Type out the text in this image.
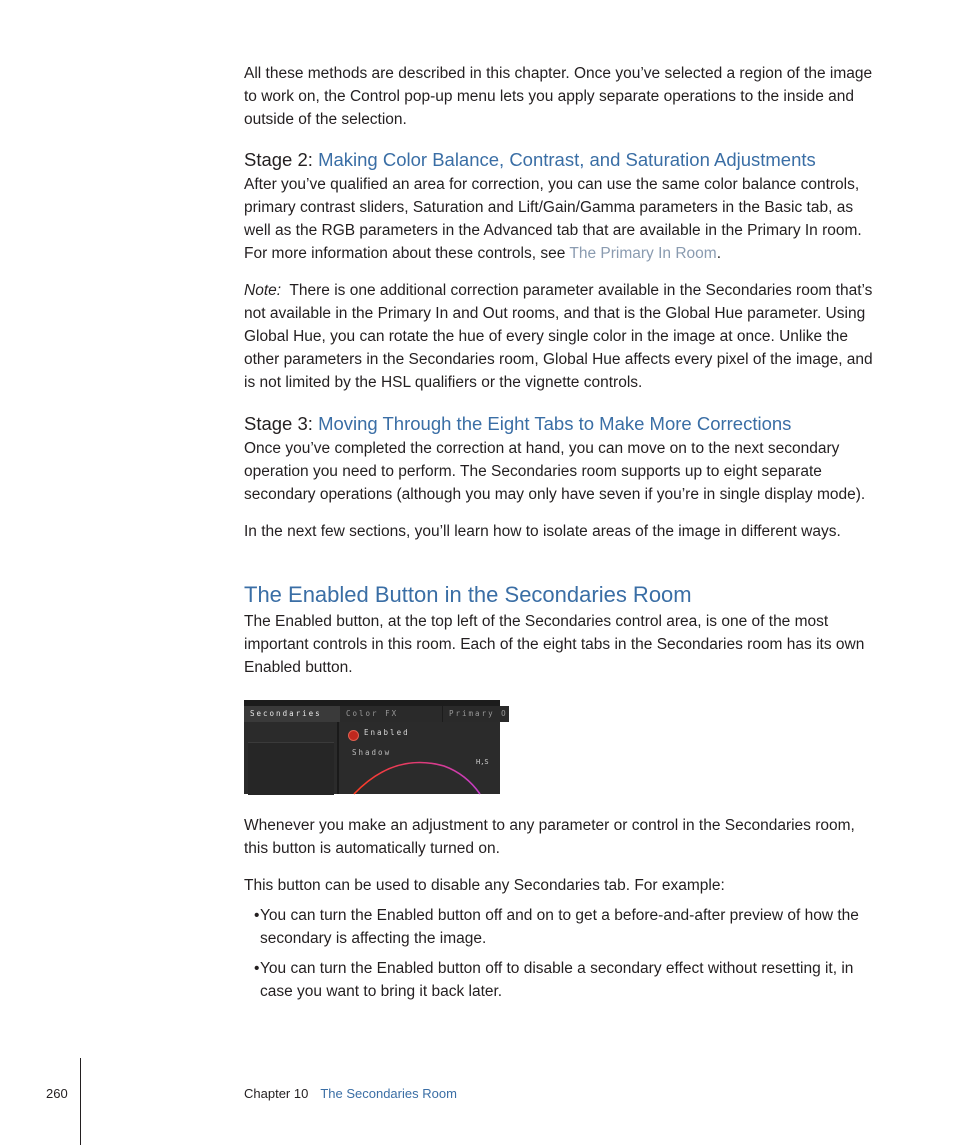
All these methods are described in this chapter. Once you’ve selected a region of the image to work on, the Control pop-up menu lets you apply separate operations to the inside and outside of the selection.

Stage 2: Making Color Balance, Contrast, and Saturation Adjustments

After you’ve qualified an area for correction, you can use the same color balance controls, primary contrast sliders, Saturation and Lift/Gain/Gamma parameters in the Basic tab, as well as the RGB parameters in the Advanced tab that are available in the Primary In room. For more information about these controls, see The Primary In Room.

Note: There is one additional correction parameter available in the Secondaries room that’s not available in the Primary In and Out rooms, and that is the Global Hue parameter. Using Global Hue, you can rotate the hue of every single color in the image at once. Unlike the other parameters in the Secondaries room, Global Hue affects every pixel of the image, and is not limited by the HSL qualifiers or the vignette controls.

Stage 3: Moving Through the Eight Tabs to Make More Corrections

Once you’ve completed the correction at hand, you can move on to the next secondary operation you need to perform. The Secondaries room supports up to eight separate secondary operations (although you may only have seven if you’re in single display mode).

In the next few sections, you’ll learn how to isolate areas of the image in different ways.

The Enabled Button in the Secondaries Room

The Enabled button, at the top left of the Secondaries control area, is one of the most important controls in this room. Each of the eight tabs in the Secondaries room has its own Enabled button.

Secondaries	Color FX	Primary O
Enabled
Shadow
H,S

Whenever you make an adjustment to any parameter or control in the Secondaries room, this button is automatically turned on.

This button can be used to disable any Secondaries tab. For example:

• You can turn the Enabled button off and on to get a before-and-after preview of how the secondary is affecting the image.
• You can turn the Enabled button off to disable a secondary effect without resetting it, in case you want to bring it back later.
260	Chapter 10 The Secondaries Room
